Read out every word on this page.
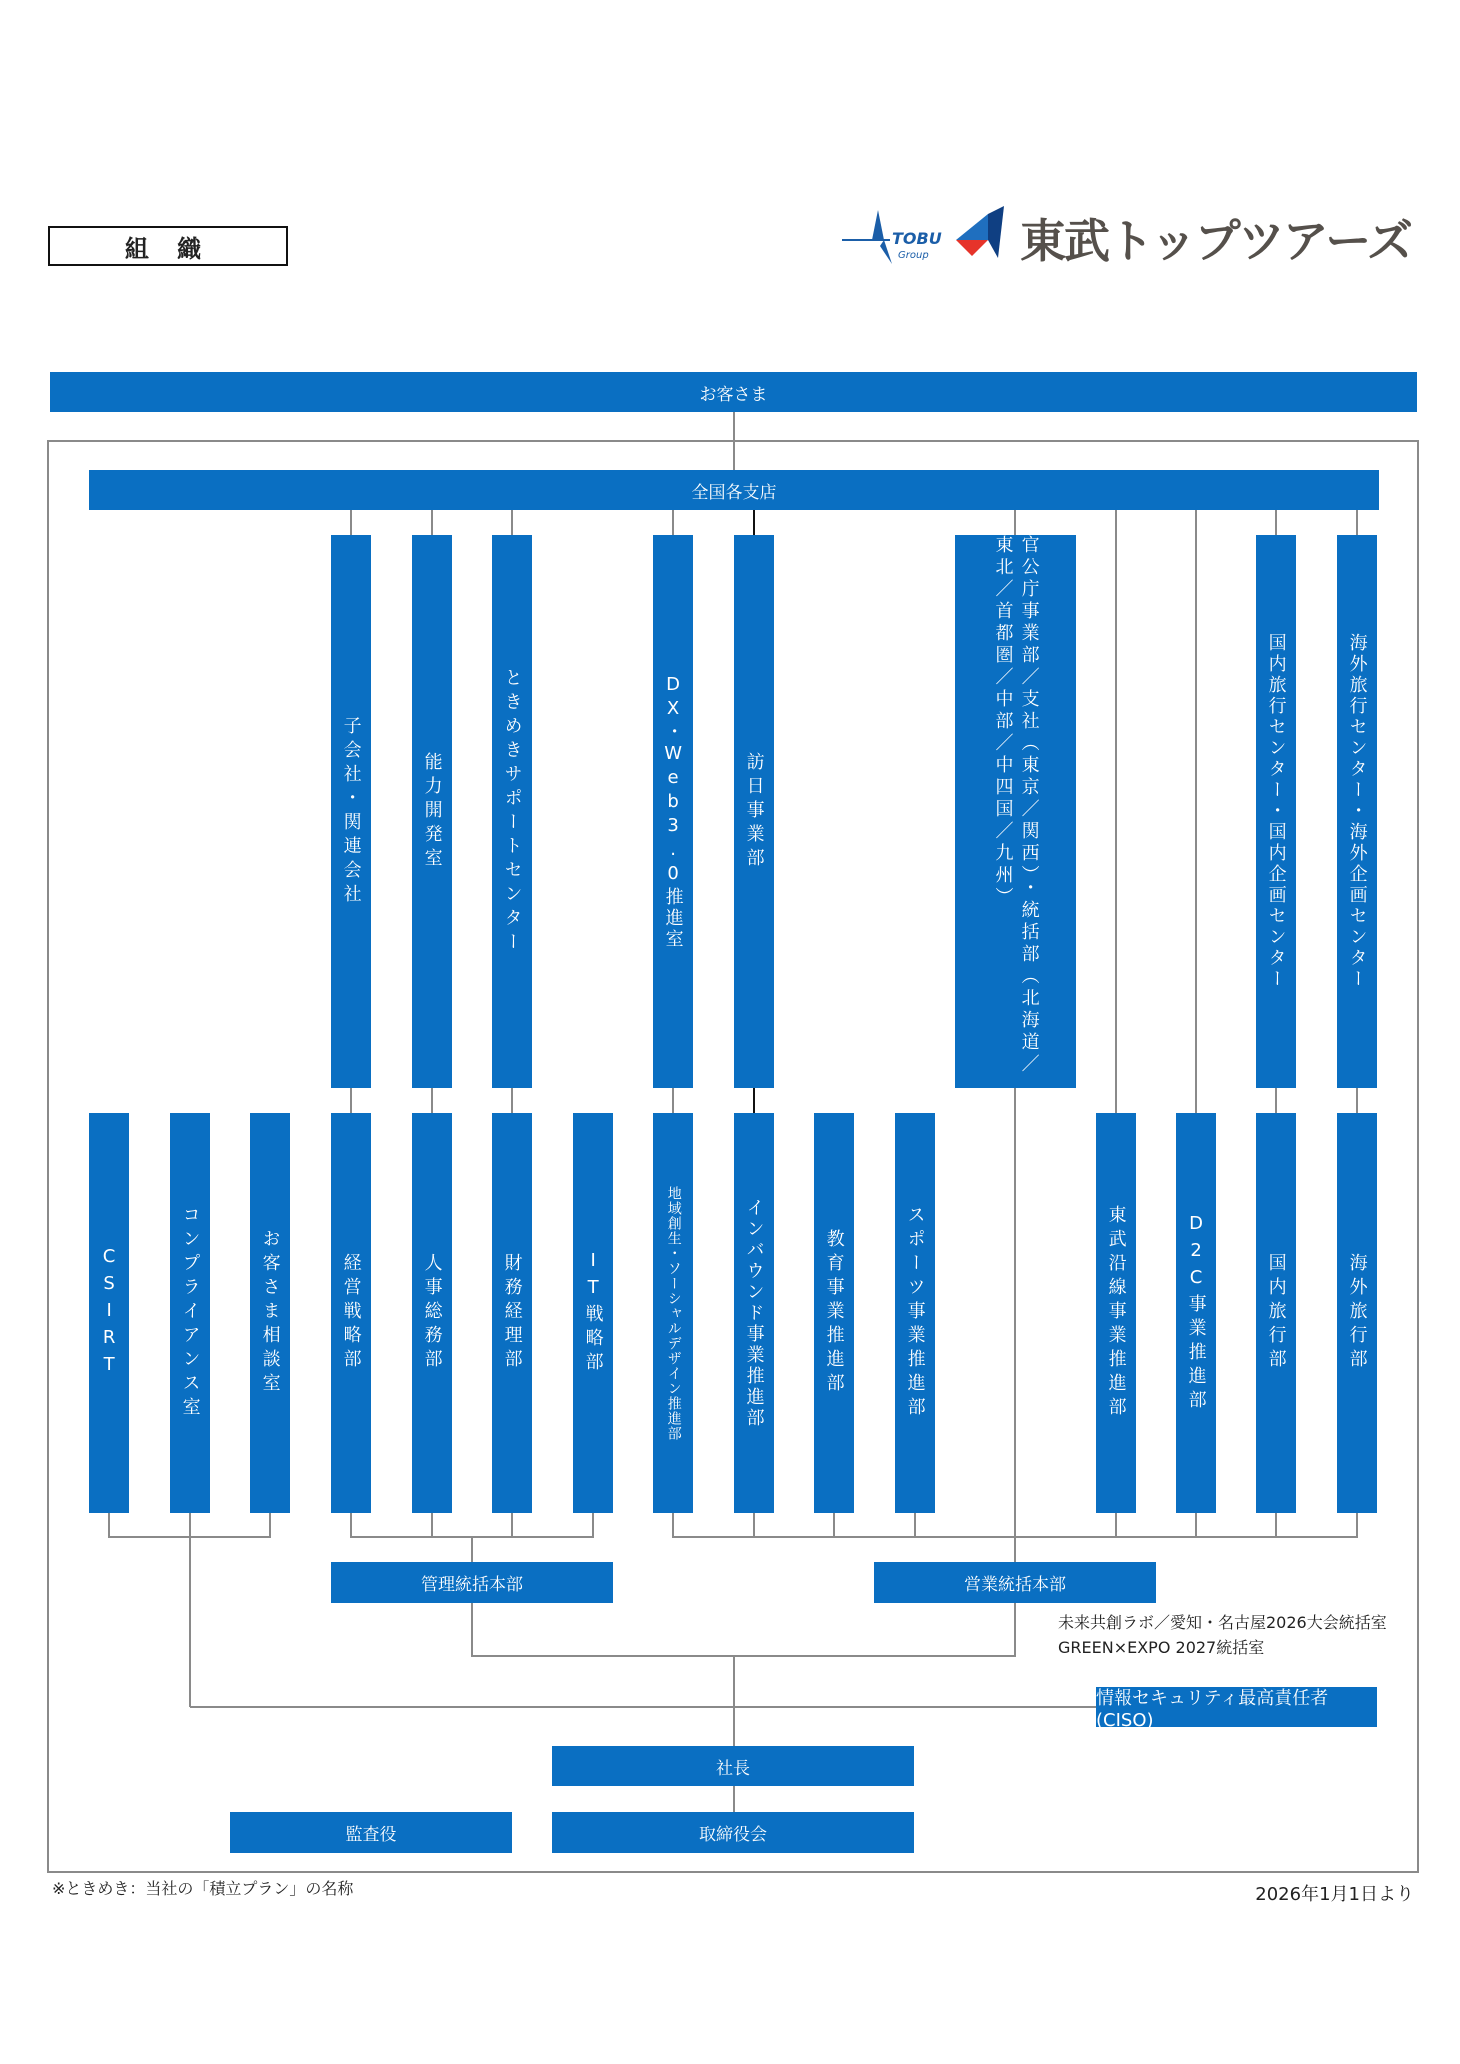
組 織	TOBU
Group 東武トップツアーズ
お客さま
全国各支店
子会社・関連会社	能力開発室	ときめきサポートセンター	DX・Web3.0推進室	訪日事業部	官公庁事業部／支社（東京／関西）・統括部（北海道／東北／首都圏／中部／中四国／九州）	国内旅行センター・国内企画センター	海外旅行センター・海外企画センター
CSIRT	コンプライアンス室	お客さま相談室	経営戦略部	人事総務部	財務経理部	IT戦略部	地域創生・ソーシャルデザイン推進部	インバウンド事業推進部	教育事業推進部	スポーツ事業推進部	東武沿線事業推進部	D2C事業推進部	国内旅行部	海外旅行部
管理統括本部	営業統括本部
未来共創ラボ／愛知・名古屋2026大会統括室
GREEN×EXPO 2027統括室
情報セキュリティ最高責任者(CISO)
社長
監査役	取締役会
※ときめき：当社の「積立プラン」の名称	2026年1月1日より
